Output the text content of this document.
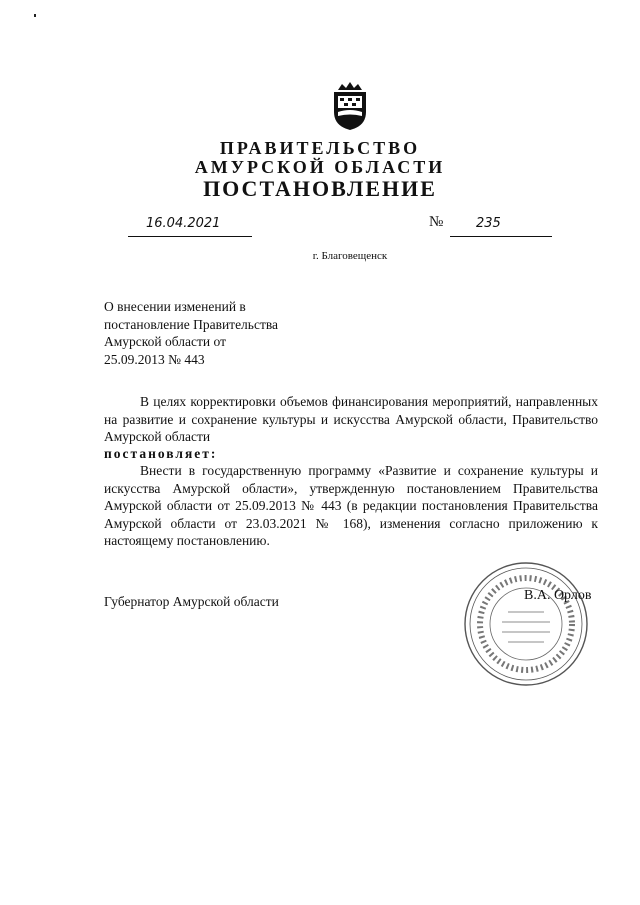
ПРАВИТЕЛЬСТВО
АМУРСКОЙ ОБЛАСТИ
ПОСТАНОВЛЕНИЕ
16.04.2021	№	235
г. Благовещенск
О внесении изменений в
постановление Правительства
Амурской области от
25.09.2013 № 443
В целях корректировки объемов финансирования мероприятий, направленных на развитие и сохранение культуры и искусства Амурской области, Правительство Амурской области
постановляет:
Внести в государственную программу «Развитие и сохранение культуры и искусства Амурской области», утвержденную постановлением Правительства Амурской области от 25.09.2013 № 443 (в редакции постановления Правительства Амурской области от 23.03.2021 № 168), изменения согласно приложению к настоящему постановлению.
Губернатор Амурской области	В.А. Орлов
